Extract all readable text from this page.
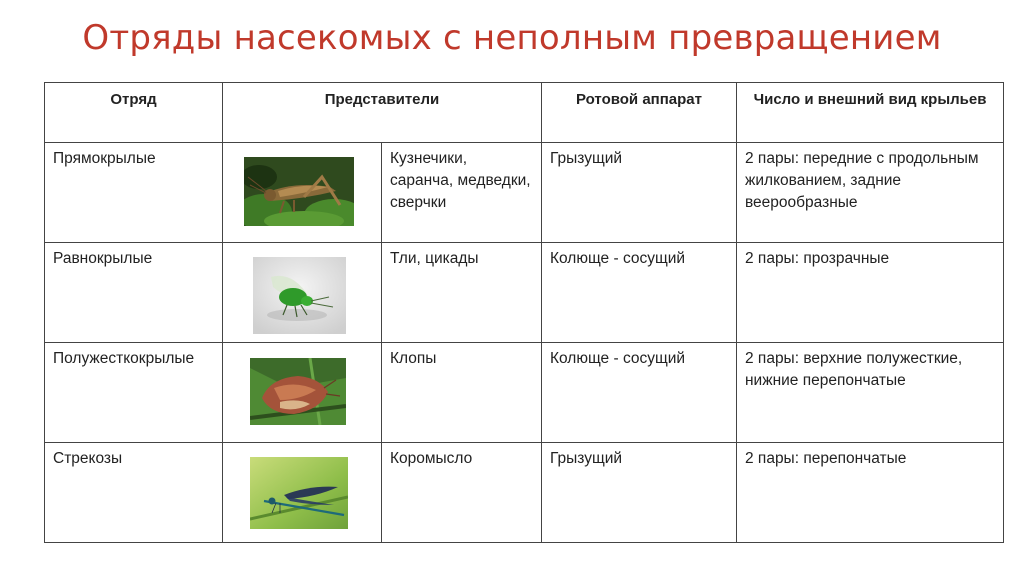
Отряды насекомых с неполным превращением
Отряд	Представители		Ротовой аппарат	Число и внешний вид крыльев

Прямокрылые		Кузнечики, саранча, медведки, сверчки	Грызущий	2 пары: передние с продольным жилкованием, задние веерообразные

Равнокрылые		Тли, цикады	Колюще - сосущий	2 пары: прозрачные

Полужесткокрылые		Клопы	Колюще - сосущий	2 пары: верхние полужесткие, нижние перепончатые

Стрекозы		Коромысло	Грызущий	2 пары: перепончатые
